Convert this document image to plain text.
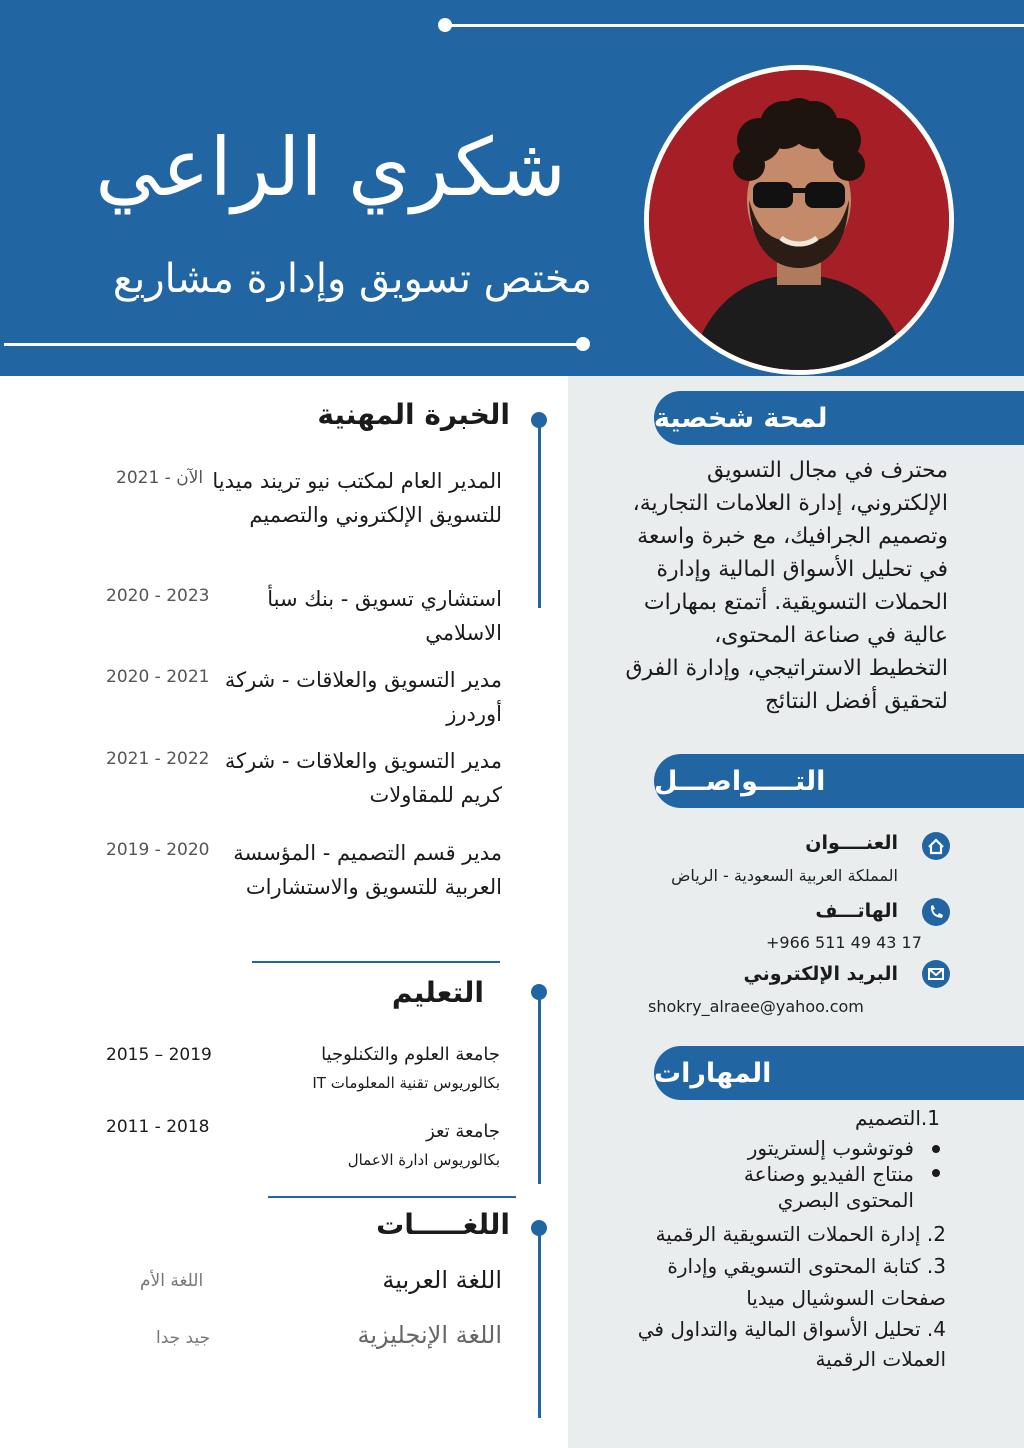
شكري الراعي
مختص تسويق وإدارة مشاريع
لمحة شخصية
محترف في مجال التسويق
الإلكتروني، إدارة العلامات التجارية،
وتصميم الجرافيك، مع خبرة واسعة
في تحليل الأسواق المالية وإدارة
الحملات التسويقية. أتمتع بمهارات
عالية في صناعة المحتوى،
التخطيط الاستراتيجي، وإدارة الفرق
لتحقيق أفضل النتائج
التــــواصـــل
العنــــوان
المملكة العربية السعودية - الرياض
الهاتـــف
+966 511 49 43 17
البريد الإلكتروني
shokry_alraee@yahoo.com
المهارات
1.التصميم
فوتوشوب إلستريتور
منتاج الفيديو وصناعة
المحتوى البصري
2. إدارة الحملات التسويقية الرقمية
3. كتابة المحتوى التسويقي وإدارة
صفحات السوشيال ميديا
4. تحليل الأسواق المالية والتداول في
العملات الرقمية
الخبرة المهنية
المدير العام لمكتب نيو تريند ميديا للتسويق الإلكتروني والتصميم
2021 - الآن
استشاري تسويق - بنك سبأ الاسلامي
2020 - 2023
مدير التسويق والعلاقات - شركة أوردرز
2020 - 2021
مدير التسويق والعلاقات - شركة كريم للمقاولات
2021 - 2022
مدير قسم التصميم - المؤسسة العربية للتسويق والاستشارات
2019 - 2020
التعليم
جامعة العلوم والتكنلوجيا
بكالوريوس تقنية المعلومات IT
2015 – 2019
جامعة تعز
بكالوريوس ادارة الاعمال
2011 - 2018
اللغـــــات
اللغة العربية
اللغة الأم
اللغة الإنجليزية
جيد جدا
